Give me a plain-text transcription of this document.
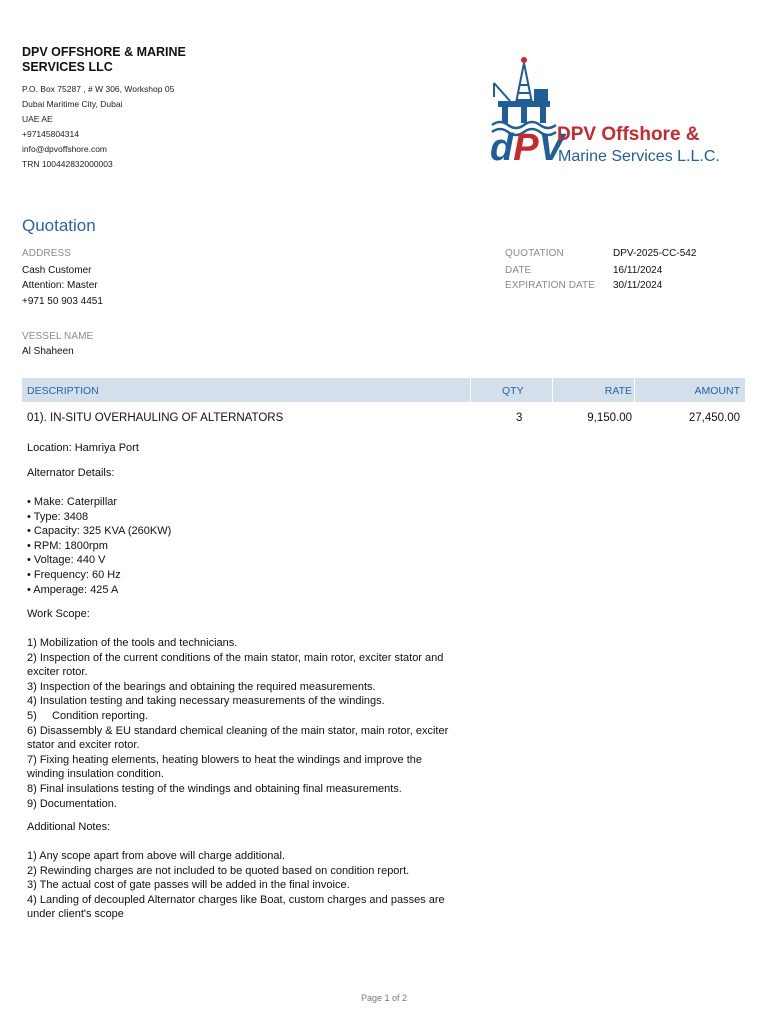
DPV OFFSHORE & MARINE
SERVICES LLC
P.O. Box 75287 , # W 306, Workshop 05
Dubai Maritime City, Dubai
UAE AE
+97145804314
info@dpvoffshore.com
TRN 100442832000003	dPV
DPV Offshore &
Marine Services L.L.C.
Quotation
ADDRESS
Cash Customer
Attention: Master
+971 50 903 4451
VESSEL NAME
Al Shaheen
QUOTATION	DPV-2025-CC-542
DATE	16/11/2024
EXPIRATION DATE 30/11/2024
DESCRIPTION	QTY	RATE	AMOUNT
01). IN-SITU OVERHAULING OF ALTERNATORS	3	9,150.00	27,450.00
Location: Hamriya Port
Alternator Details:
• Make: Caterpillar
• Type: 3408
• Capacity: 325 KVA (260KW)
• RPM: 1800rpm
• Voltage: 440 V
• Frequency: 60 Hz
• Amperage: 425 A
Work Scope:
1) Mobilization of the tools and technicians.
2) Inspection of the current conditions of the main stator, main rotor, exciter stator and
exciter rotor.
3) Inspection of the bearings and obtaining the required measurements.
4) Insulation testing and taking necessary measurements of the windings.
5)     Condition reporting.
6) Disassembly & EU standard chemical cleaning of the main stator, main rotor, exciter
stator and exciter rotor.
7) Fixing heating elements, heating blowers to heat the windings and improve the
winding insulation condition.
8) Final insulations testing of the windings and obtaining final measurements.
9) Documentation.
Additional Notes:
1) Any scope apart from above will charge additional.
2) Rewinding charges are not included to be quoted based on condition report.
3) The actual cost of gate passes will be added in the final invoice.
4) Landing of decoupled Alternator charges like Boat, custom charges and passes are
under client's scope
Page 1 of 2
